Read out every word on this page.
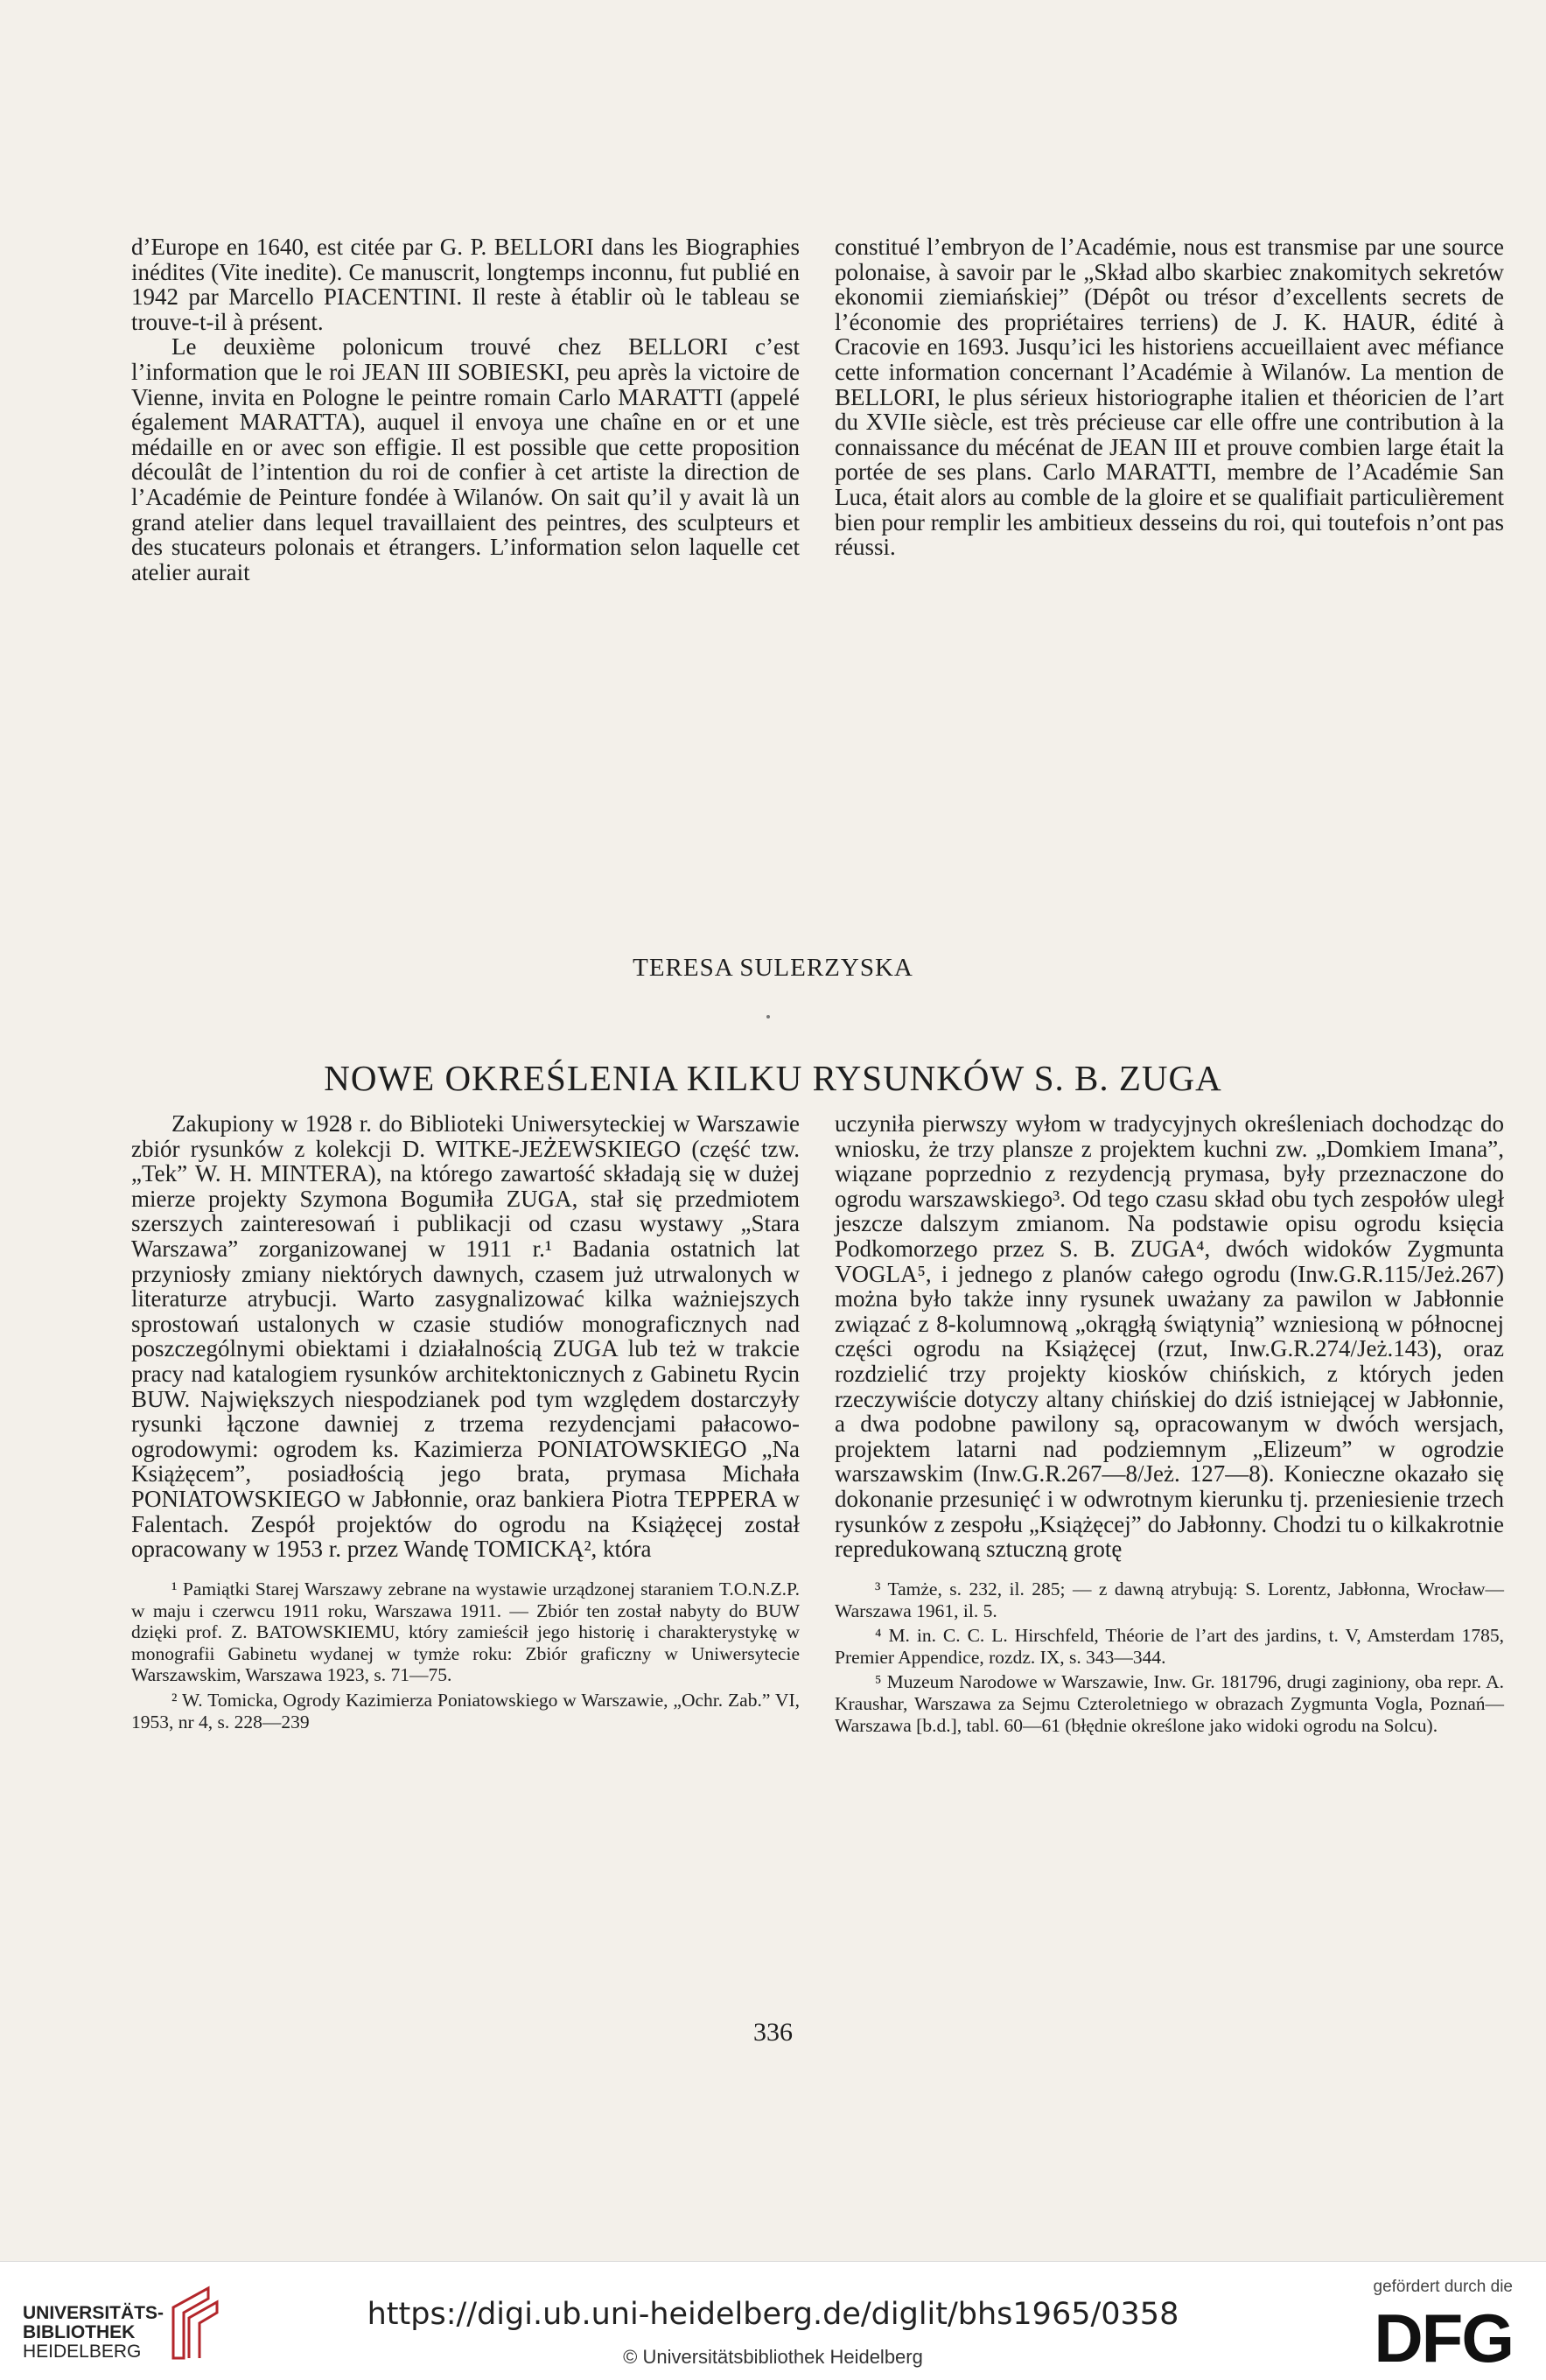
d’Europe en 1640, est citée par G. P. BELLORI dans les Biographies inédites (Vite inedite). Ce manuscrit, longtemps inconnu, fut publié en 1942 par Marcello PIACENTINI. Il reste à établir où le tableau se trouve-t-il à présent.

Le deuxième polonicum trouvé chez BELLORI c’est l’information que le roi JEAN III SOBIESKI, peu après la victoire de Vienne, invita en Pologne le peintre romain Carlo MARATTI (appelé également MARATTA), auquel il envoya une chaîne en or et une médaille en or avec son effigie. Il est possible que cette proposition découlât de l’intention du roi de confier à cet artiste la direction de l’Académie de Peinture fondée à Wilanów. On sait qu’il y avait là un grand atelier dans lequel travaillaient des peintres, des sculpteurs et des stucateurs polonais et étrangers. L’information selon laquelle cet atelier aurait

constitué l’embryon de l’Académie, nous est transmise par une source polonaise, à savoir par le „Skład albo skarbiec znakomitych sekretów ekonomii ziemiańskiej” (Dépôt ou trésor d’excellents secrets de l’économie des propriétaires terriens) de J. K. HAUR, édité à Cracovie en 1693. Jusqu’ici les historiens accueillaient avec méfiance cette information concernant l’Académie à Wilanów. La mention de BELLORI, le plus sérieux historiographe italien et théoricien de l’art du XVIIe siècle, est très précieuse car elle offre une contribution à la connaissance du mécénat de JEAN III et prouve combien large était la portée de ses plans. Carlo MARATTI, membre de l’Académie San Luca, était alors au comble de la gloire et se qualifiait particulièrement bien pour remplir les ambitieux desseins du roi, qui toutefois n’ont pas réussi.

TERESA SULERZYSKA
NOWE OKREŚLENIA KILKU RYSUNKÓW S. B. ZUGA

Zakupiony w 1928 r. do Biblioteki Uniwersyteckiej w Warszawie zbiór rysunków z kolekcji D. WITKE-JEŻEWSKIEGO (część tzw. „Tek” W. H. MINTERA), na którego zawartość składają się w dużej mierze projekty Szymona Bogumiła ZUGA, stał się przedmiotem szerszych zainteresowań i publikacji od czasu wystawy „Stara Warszawa” zorganizowanej w 1911 r.¹ Badania ostatnich lat przyniosły zmiany niektórych dawnych, czasem już utrwalonych w literaturze atrybucji. Warto zasygnalizować kilka ważniejszych sprostowań ustalonych w czasie studiów monograficznych nad poszczególnymi obiektami i działalnością ZUGA lub też w trakcie pracy nad katalogiem rysunków architektonicznych z Gabinetu Rycin BUW. Największych niespodzianek pod tym względem dostarczyły rysunki łączone dawniej z trzema rezydencjami pałacowo-ogrodowymi: ogrodem ks. Kazimierza PONIATOWSKIEGO „Na Książęcem”, posiadłością jego brata, prymasa Michała PONIATOWSKIEGO w Jabłonnie, oraz bankiera Piotra TEPPERA w Falentach. Zespół projektów do ogrodu na Książęcej został opracowany w 1953 r. przez Wandę TOMICKĄ², która

uczyniła pierwszy wyłom w tradycyjnych określeniach dochodząc do wniosku, że trzy plansze z projektem kuchni zw. „Domkiem Imana”, wiązane poprzednio z rezydencją prymasa, były przeznaczone do ogrodu warszawskiego³. Od tego czasu skład obu tych zespołów uległ jeszcze dalszym zmianom. Na podstawie opisu ogrodu księcia Podkomorzego przez S. B. ZUGA⁴, dwóch widoków Zygmunta VOGLA⁵, i jednego z planów całego ogrodu (Inw.G.R.115/Jeż.267) można było także inny rysunek uważany za pawilon w Jabłonnie związać z 8-kolumnową „okrągłą świątynią” wzniesioną w północnej części ogrodu na Książęcej (rzut, Inw.G.R.274/Jeż.143), oraz rozdzielić trzy projekty kiosków chińskich, z których jeden rzeczywiście dotyczy altany chińskiej do dziś istniejącej w Jabłonnie, a dwa podobne pawilony są, opracowanym w dwóch wersjach, projektem latarni nad podziemnym „Elizeum” w ogrodzie warszawskim (Inw.G.R.267—8/Jeż. 127—8). Konieczne okazało się dokonanie przesunięć i w odwrotnym kierunku tj. przeniesienie trzech rysunków z zespołu „Książęcej” do Jabłonny. Chodzi tu o kilkakrotnie repredukowaną sztuczną grotę

¹ Pamiątki Starej Warszawy zebrane na wystawie urządzonej staraniem T.O.N.Z.P. w maju i czerwcu 1911 roku, Warszawa 1911. — Zbiór ten został nabyty do BUW dzięki prof. Z. BATOWSKIEMU, który zamieścił jego historię i charakterystykę w monografii Gabinetu wydanej w tymże roku: Zbiór graficzny w Uniwersytecie Warszawskim, Warszawa 1923, s. 71—75.

² W. Tomicka, Ogrody Kazimierza Poniatowskiego w Warszawie, „Ochr. Zab.” VI, 1953, nr 4, s. 228—239

³ Tamże, s. 232, il. 285; — z dawną atrybują: S. Lorentz, Jabłonna, Wrocław—Warszawa 1961, il. 5.

⁴ M. in. C. C. L. Hirschfeld, Théorie de l’art des jardins, t. V, Amsterdam 1785, Premier Appendice, rozdz. IX, s. 343—344.

⁵ Muzeum Narodowe w Warszawie, Inw. Gr. 181796, drugi zaginiony, oba repr. A. Kraushar, Warszawa za Sejmu Czteroletniego w obrazach Zygmunta Vogla, Poznań—Warszawa [b.d.], tabl. 60—61 (błędnie określone jako widoki ogrodu na Solcu).

336
UNIVERSITÄTS-
BIBLIOTHEK
HEIDELBERG
https://digi.ub.uni-heidelberg.de/diglit/bhs1965/0358
© Universitätsbibliothek Heidelberg
gefördert durch die
DFG
